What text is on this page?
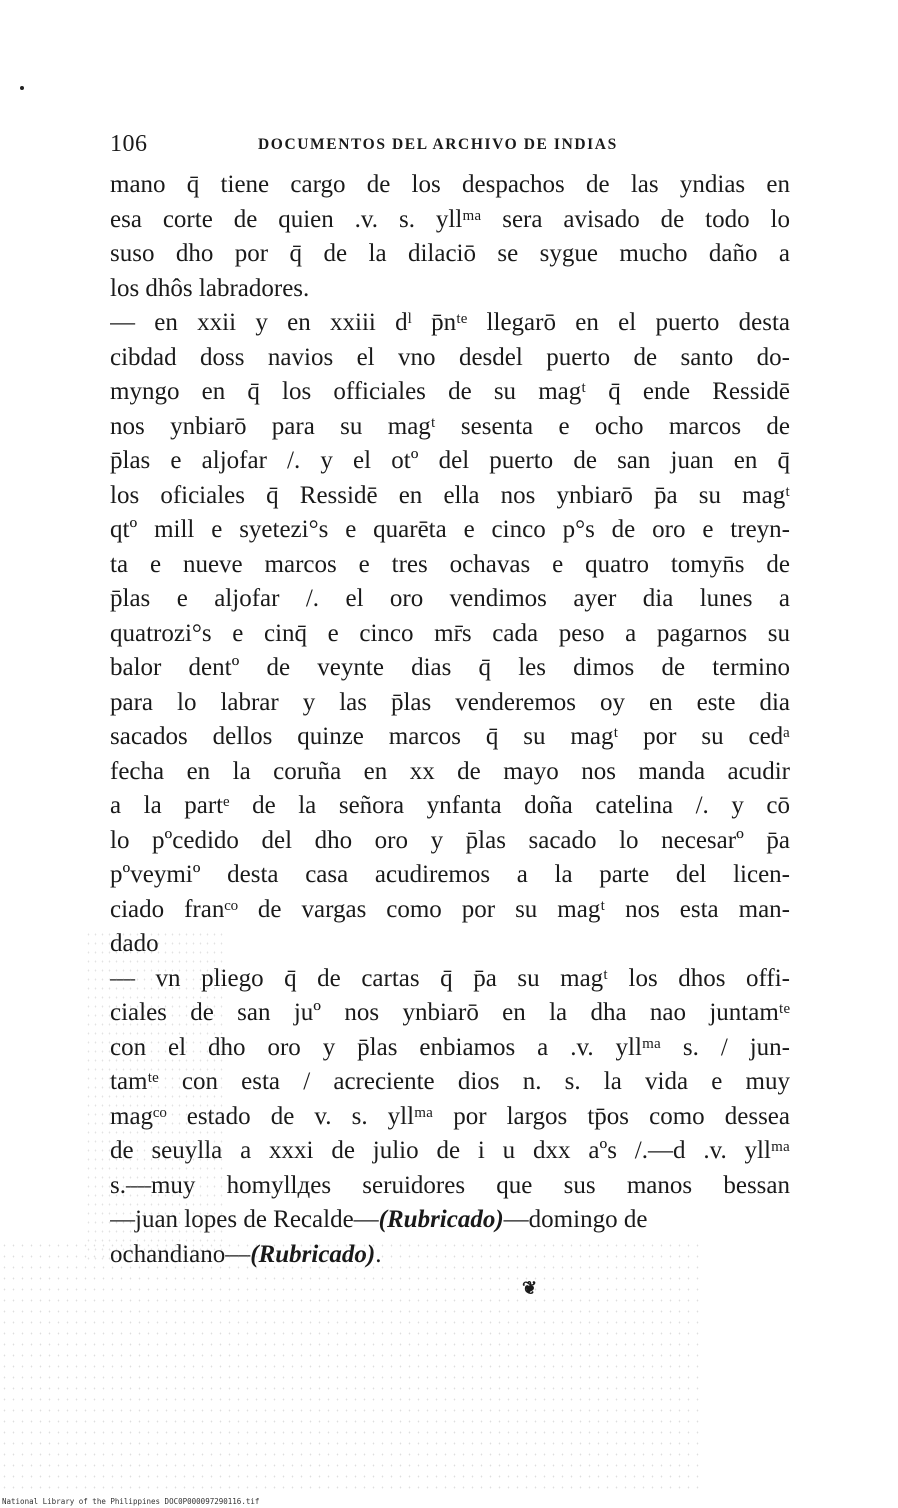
106	DOCUMENTOS DEL ARCHIVO DE INDIAS
mano q̄ tiene cargo de los despachos de las yndias en
esa corte de quien .v. s. yllᵐᵃ sera avisado de todo lo
suso dho por q̄ de la dilaciō se sygue mucho daño a
los dhôs labradores.
— en xxii y en xxiii dˡ p̄nᵗᵉ llegarō en el puerto desta
cibdad doss navios el vno desdel puerto de santo do-
myngo en q̄ los officiales de su magᵗ q̄ ende Ressidē
nos ynbiarō para su magᵗ sesenta e ocho marcos de
p̄las e aljofar /. y el otº del puerto de san juan en q̄
los oficiales q̄ Ressidē en ella nos ynbiarō p̄a su magᵗ
qtº mill e syetezi°s e quarēta e cinco p°s de oro e treyn-
ta e nueve marcos e tres ochavas e quatro tomyn̄s de
p̄las e aljofar /. el oro vendimos ayer dia lunes a
quatrozi°s e cinq̄ e cinco mr̄s cada peso a pagarnos su
balor dentº de veynte dias q̄ les dimos de termino
para lo labrar y las p̄las venderemos oy en este dia
sacados dellos quinze marcos q̄ su magᵗ por su cedᵃ
fecha en la coruña en xx de mayo nos manda acudir
a la partᵉ de la señora ynfanta doña catelina /. y cō
lo pºcedido del dho oro y p̄las sacado lo necesarº p̄a
pºveymiº desta casa acudiremos a la parte del licen-
ciado franᶜᵒ de vargas como por su magᵗ nos esta man-
dado
— vn pliego q̄ de cartas q̄ p̄a su magᵗ los dhos offi-
ciales de san juº nos ynbiarō en la dha nao juntamᵗᵉ
con el dho oro y p̄las enbiamos a .v. yllᵐᵃ s. / jun-
tamᵗᵉ con esta / acreciente dios n. s. la vida e muy
magᶜᵒ estado de v. s. yllᵐᵃ por largos tp̄os como dessea
de seuylla a xxxi de julio de i u dxx aºs /.—d .v. yllᵐᵃ
s.—muy homyllдes seruidores que sus manos bessan
—juan lopes de Recalde—(Rubricado)—domingo de
ochandiano—(Rubricado).
❦
National Library of the Philippines DOC0P000097290116.tif
